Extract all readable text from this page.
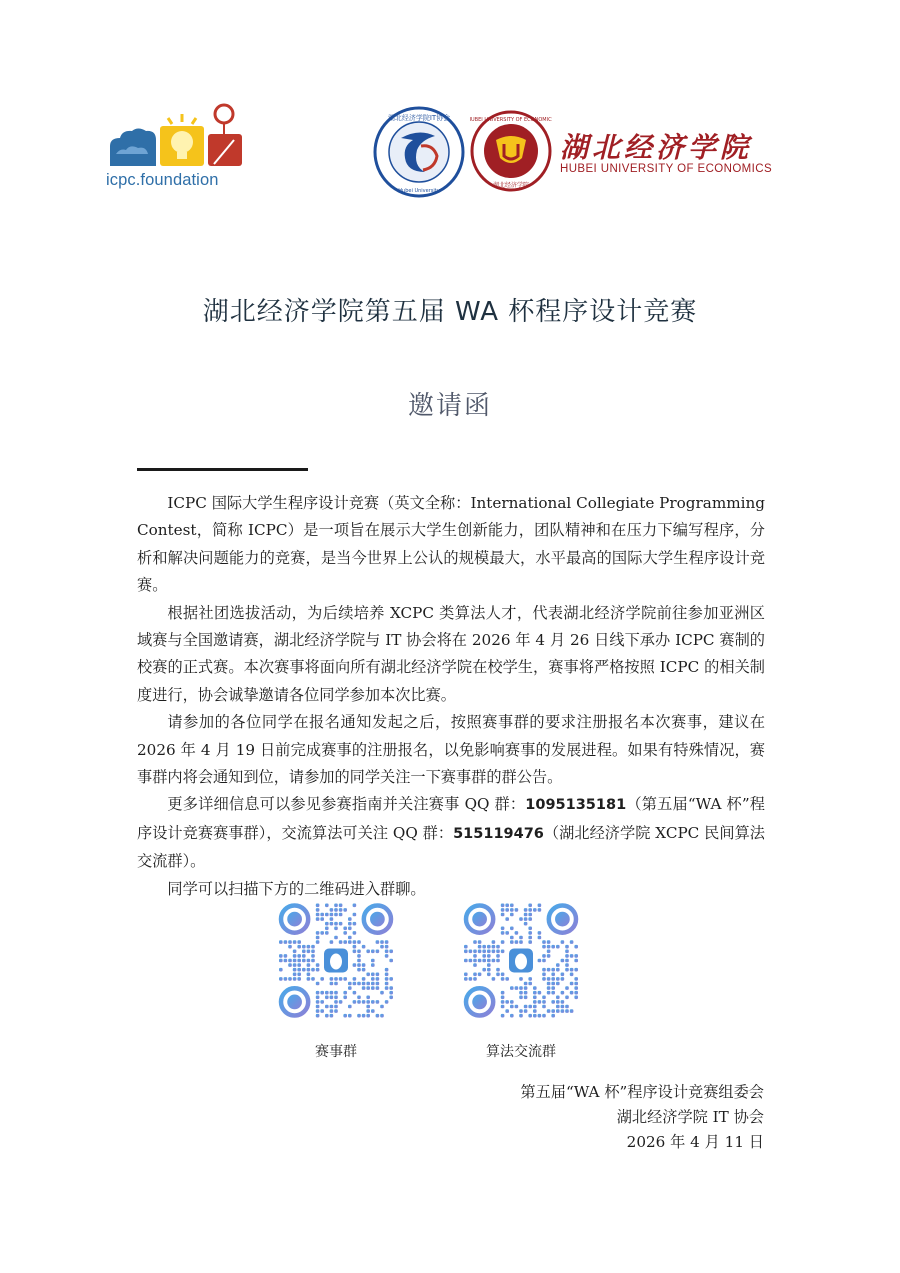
icpc.foundation
湖北经济学院IT协会
Hubei University
HUBEI UNIVERSITY OF ECONOMICS
湖北经济学院
湖北经济学院
HUBEI UNIVERSITY OF ECONOMICS
湖北经济学院第五届 WA 杯程序设计竞赛
邀请函

ICPC 国际大学生程序设计竞赛（英文全称：International Collegiate Programming Contest，简称 ICPC）是一项旨在展示大学生创新能力，团队精神和在压力下编写程序，分析和解决问题能力的竞赛，是当今世界上公认的规模最大，水平最高的国际大学生程序设计竞赛。

根据社团选拔活动，为后续培养 XCPC 类算法人才，代表湖北经济学院前往参加亚洲区域赛与全国邀请赛，湖北经济学院与 IT 协会将在 2026 年 4 月 26 日线下承办 ICPC 赛制的校赛的正式赛。本次赛事将面向所有湖北经济学院在校学生，赛事将严格按照 ICPC 的相关制度进行，协会诚挚邀请各位同学参加本次比赛。

请参加的各位同学在报名通知发起之后，按照赛事群的要求注册报名本次赛事，建议在 2026 年 4 月 19 日前完成赛事的注册报名，以免影响赛事的发展进程。如果有特殊情况，赛事群内将会通知到位，请参加的同学关注一下赛事群的群公告。

更多详细信息可以参见参赛指南并关注赛事 QQ 群：1095135181（第五届“WA 杯”程序设计竞赛赛事群），交流算法可关注 QQ 群：515119476（湖北经济学院 XCPC 民间算法交流群）。

同学可以扫描下方的二维码进入群聊。

赛事群	算法交流群
第五届“WA 杯”程序设计竞赛组委会
湖北经济学院 IT 协会
2026 年 4 月 11 日
